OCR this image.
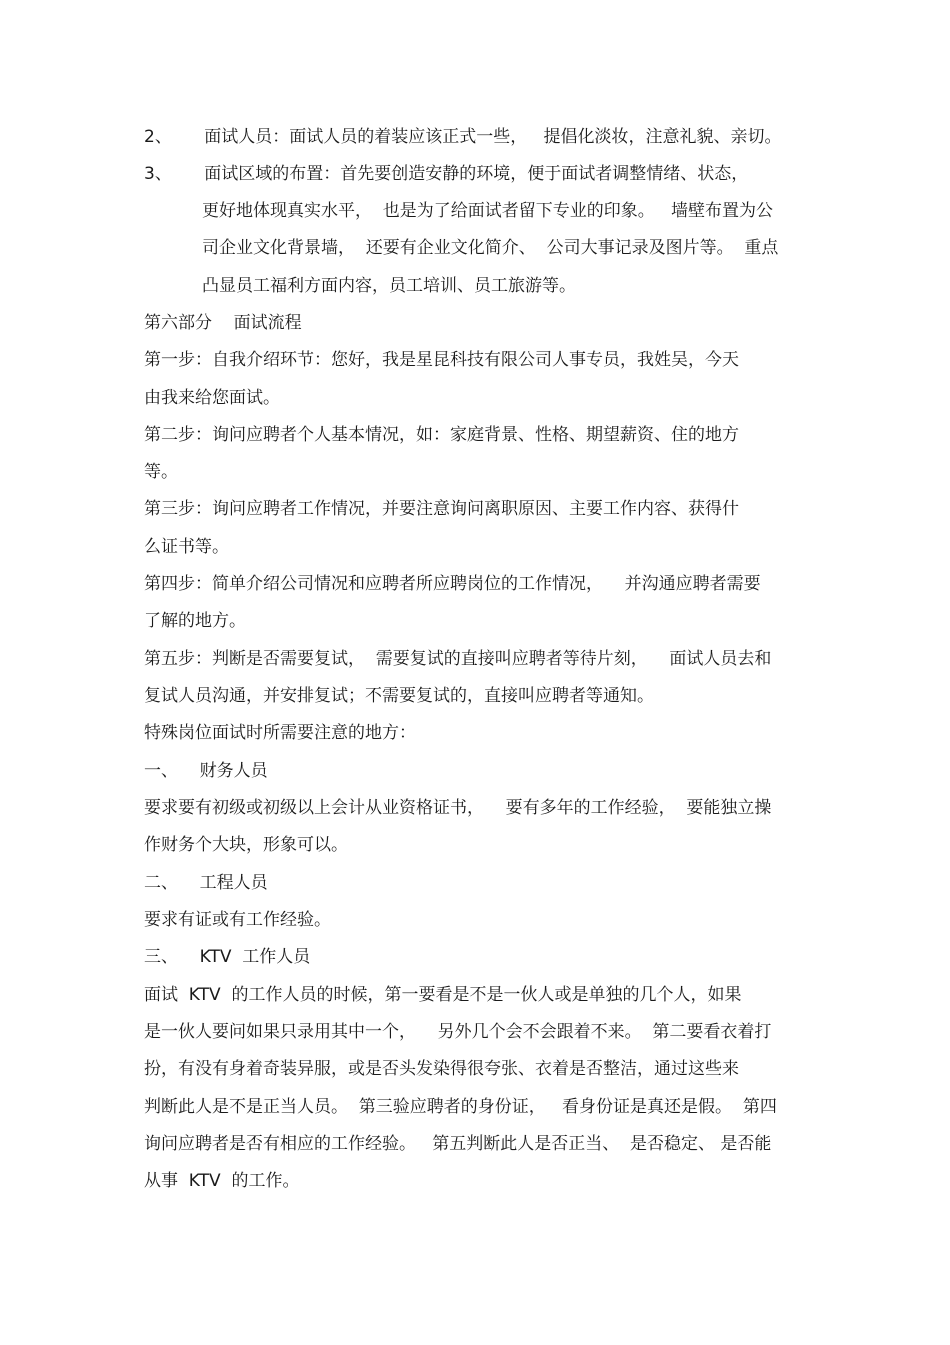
2、      面试人员：面试人员的着装应该正式一些，   提倡化淡妆，注意礼貌、亲切。
3、      面试区域的布置：首先要创造安静的环境，便于面试者调整情绪、状态，
更好地体现真实水平，  也是为了给面试者留下专业的印象。   墙壁布置为公
司企业文化背景墙，  还要有企业文化简介、  公司大事记录及图片等。  重点
凸显员工福利方面内容，员工培训、员工旅游等。
第六部分    面试流程
第一步：自我介绍环节：您好，我是星昆科技有限公司人事专员，我姓吴，今天
由我来给您面试。
第二步：询问应聘者个人基本情况，如：家庭背景、性格、期望薪资、住的地方
等。
第三步：询问应聘者工作情况，并要注意询问离职原因、主要工作内容、获得什
么证书等。
第四步：简单介绍公司情况和应聘者所应聘岗位的工作情况，    并沟通应聘者需要
了解的地方。
第五步：判断是否需要复试，  需要复试的直接叫应聘者等待片刻，    面试人员去和
复试人员沟通，并安排复试；不需要复试的，直接叫应聘者等通知。
特殊岗位面试时所需要注意的地方：
一、    财务人员
要求要有初级或初级以上会计从业资格证书，    要有多年的工作经验，  要能独立操
作财务个大块，形象可以。
二、    工程人员
要求有证或有工作经验。
三、    KTV  工作人员
面试  KTV  的工作人员的时候，第一要看是不是一伙人或是单独的几个人，如果
是一伙人要问如果只录用其中一个，    另外几个会不会跟着不来。  第二要看衣着打
扮，有没有身着奇装异服，或是否头发染得很夸张、衣着是否整洁，通过这些来
判断此人是不是正当人员。  第三验应聘者的身份证，   看身份证是真还是假。  第四
询问应聘者是否有相应的工作经验。   第五判断此人是否正当、  是否稳定、 是否能
从事  KTV  的工作。
